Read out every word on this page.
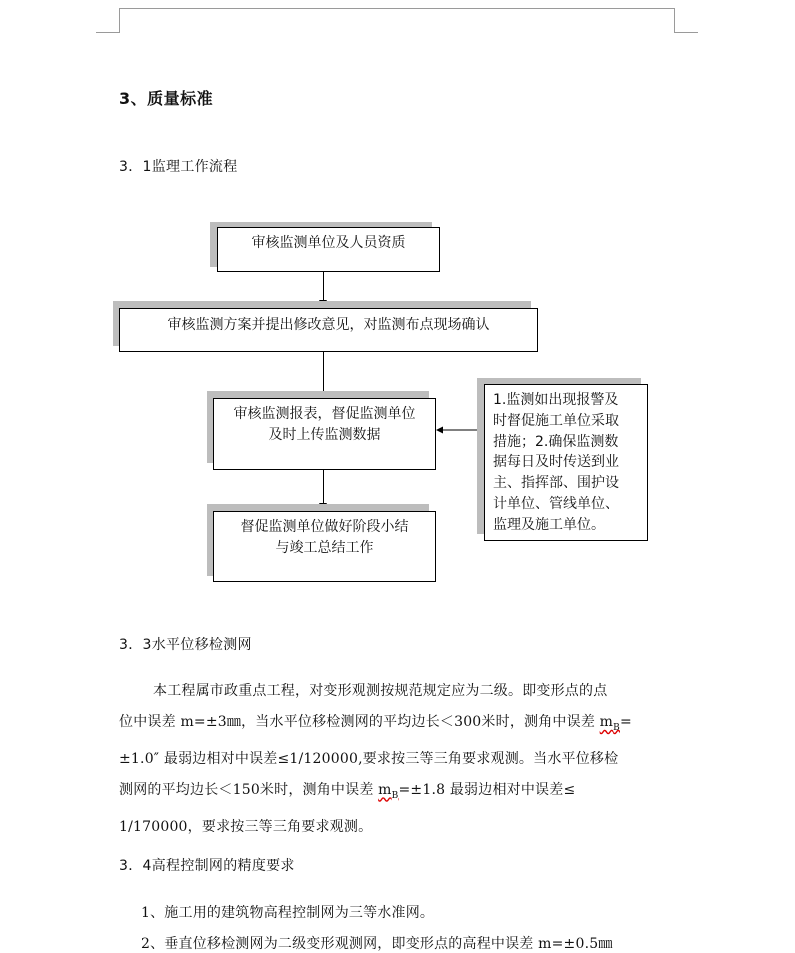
3、质量标准
3．1监理工作流程
审核监测单位及人员资质
审核监测方案并提出修改意见，对监测布点现场确认
审核监测报表，督促监测单位
及时上传监测数据
1.监测如出现报警及
时督促施工单位采取
措施；2.确保监测数
据每日及时传送到业
主、指挥部、围护设
计单位、管线单位、
监理及施工单位。
督促监测单位做好阶段小结
与竣工总结工作
3．3水平位移检测网

本工程属市政重点工程，对变形观测按规范规定应为二级。即变形点的点

位中误差 m=±3㎜，当水平位移检测网的平均边长＜300米时，测角中误差 $m_B=$

±1.0″ 最弱边相对中误差≤1/120000,要求按三等三角要求观测。当水平位移检

测网的平均边长＜150米时，测角中误差 $m_B=\pm 1.8$ 最弱边相对中误差≤

1/170000，要求按三等三角要求观测。

3．4高程控制网的精度要求
1、施工用的建筑物高程控制网为三等水准网。
2、垂直位移检测网为二级变形观测网，即变形点的高程中误差 m=±0.5㎜
